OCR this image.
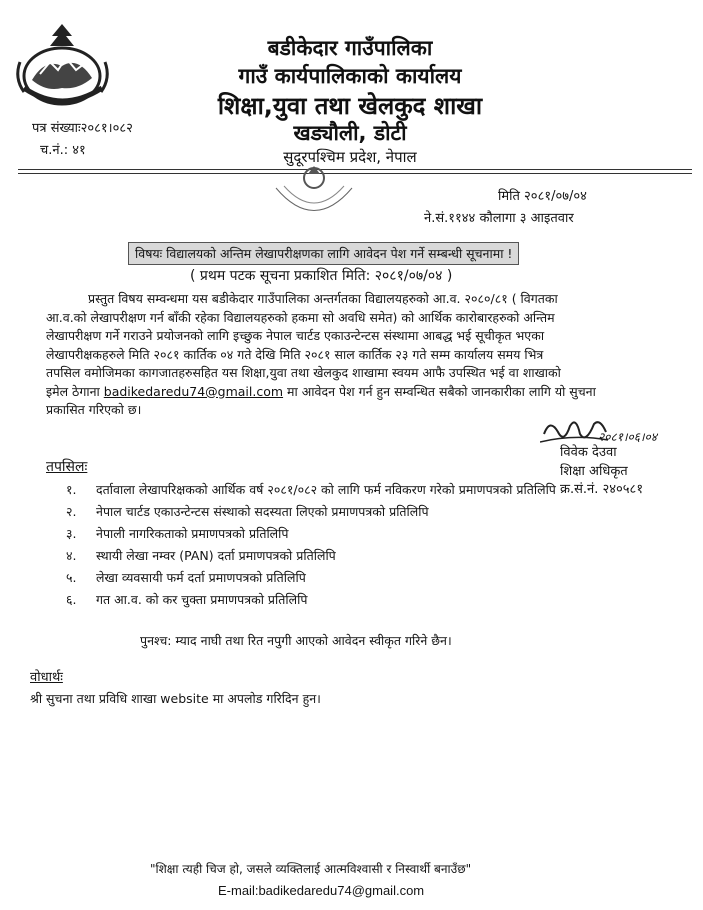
बडीकेदार गाउँपालिका
गाउँ कार्यपालिकाको कार्यालय
शिक्षा,युवा तथा खेलकुद शाखा
खड्यौली, डोटी
सुदूरपश्चिम प्रदेश, नेपाल
पत्र संख्याः२०८१।०८२
च.नं.: ४१
मिति २०८१/०७/०४
ने.सं.११४४ कौलागा ३ आइतवार
विषयः विद्यालयको अन्तिम लेखापरीक्षणका लागि आवेदन पेश गर्ने सम्बन्धी सूचनामा !
( प्रथम पटक सूचना प्रकाशित मिति: २०८१/०७/०४ )
प्रस्तुत विषय सम्वन्धमा यस बडीकेदार गाउँपालिका अन्तर्गतका विद्यालयहरुको आ.व. २०८०/८१ ( विगतका
आ.व.को लेखापरीक्षण गर्न बाँकी रहेका विद्यालयहरुको हकमा सो अवधि समेत) को आर्थिक कारोबारहरुको अन्तिम
लेखापरीक्षण गर्ने गराउने प्रयोजनको लागि इच्छुक नेपाल चार्टड एकाउन्टेन्टस संस्थामा आबद्ध भई सूचीकृत भएका
लेखापरीक्षकहरुले मिति २०८१ कार्तिक ०४ गते देखि मिति २०८१ साल कार्तिक २३ गते सम्म कार्यालय समय भित्र
तपसिल वमोजिमका कागजातहरुसहित यस शिक्षा,युवा तथा खेलकुद शाखामा स्वयम आफै उपस्थित भई वा शाखाको
इमेल ठेगाना badikedaredu74@gmail.com मा आवेदन पेश गर्न हुन सम्वन्धित सबैको जानकारीका लागि यो सुचना
प्रकासित गरिएको छ।
२०८१।०६।०४
विवेक देउवा
शिक्षा अधिकृत
क्र.सं.नं. २४०५८१
तपसिलः
१. दर्तावाला लेखापरिक्षकको आर्थिक वर्ष २०८१/०८२ को लागि फर्म नविकरण गरेको प्रमाणपत्रको प्रतिलिपि
२. नेपाल चार्टड एकाउन्टेन्टस संस्थाको सदस्यता लिएको प्रमाणपत्रको प्रतिलिपि
३. नेपाली नागरिकताको प्रमाणपत्रको प्रतिलिपि
४. स्थायी लेखा नम्वर (PAN) दर्ता प्रमाणपत्रको प्रतिलिपि
५. लेखा व्यवसायी फर्म दर्ता प्रमाणपत्रको प्रतिलिपि
६. गत आ.व. को कर चुक्ता प्रमाणपत्रको प्रतिलिपि
पुनश्च: म्याद नाघी तथा रित नपुगी आएको आवेदन स्वीकृत गरिने छैन।
वोधार्थः
श्री सुचना तथा प्रविधि शाखा website मा अपलोड गरिदिन हुन।
"शिक्षा त्यही चिज हो, जसले व्यक्तिलाई आत्मविश्वासी र निस्वार्थी बनाउँछ"
E-mail:badikedaredu74@gmail.com
